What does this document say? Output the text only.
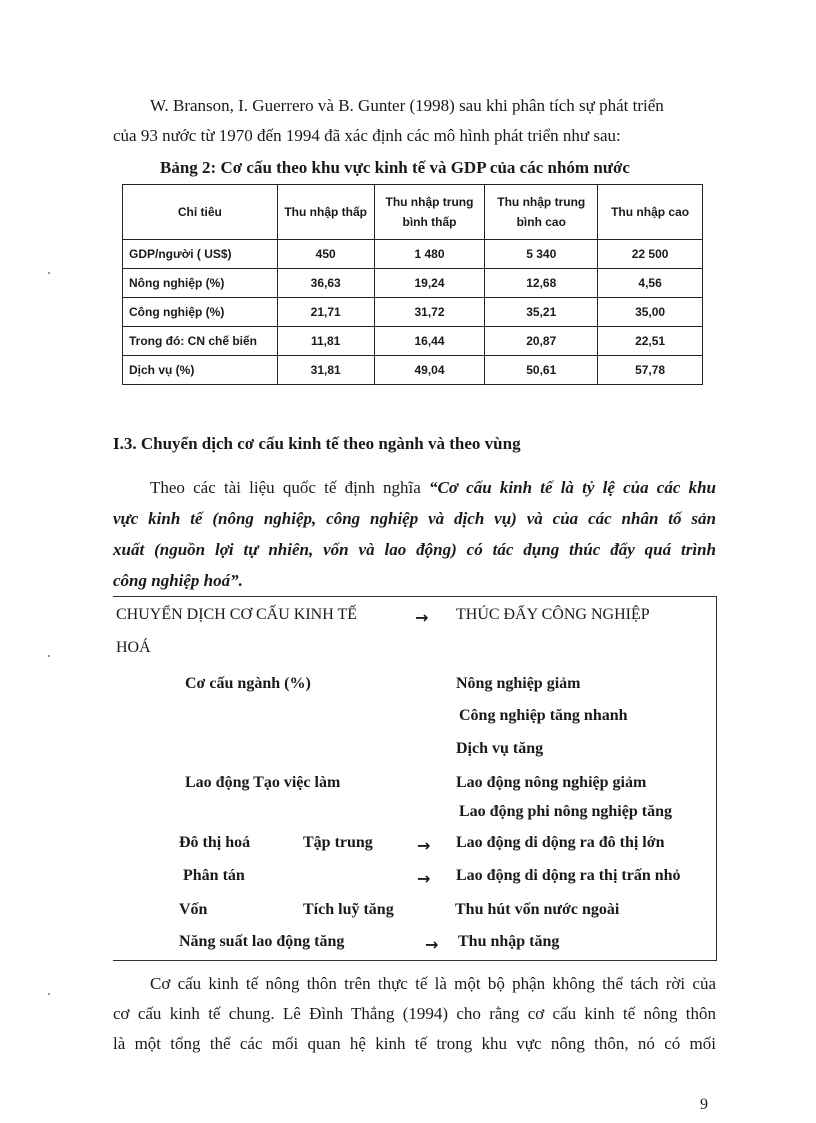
W. Branson, I. Guerrero và B. Gunter (1998) sau khi phân tích sự phát triển
của 93 nước từ 1970 đến 1994 đã xác định các mô hình phát triển như sau:
Bảng 2: Cơ cấu theo khu vực kinh tế và GDP của các nhóm nước
Chỉ tiêu	Thu nhập thấp	Thu nhập trung bình thấp	Thu nhập trung bình cao	Thu nhập cao
GDP/người ( US$)	450	1 480	5 340	22 500
Nông nghiệp (%)	36,63	19,24	12,68	4,56
Công nghiệp (%)	21,71	31,72	35,21	35,00
Trong đó: CN chế biến	11,81	16,44	20,87	22,51
Dịch vụ (%)	31,81	49,04	50,61	57,78
I.3. Chuyển dịch cơ cấu kinh tế theo ngành và theo vùng
Theo các tài liệu quốc tế định nghĩa “Cơ cấu kinh tế là tỷ lệ của các khu
vực kinh tế (nông nghiệp, công nghiệp và dịch vụ) và của các nhân tố sản
xuất (nguồn lợi tự nhiên, vốn và lao động) có tác dụng thúc đẩy quá trình
công nghiệp hoá”.
CHUYỂN DỊCH CƠ CẤU KINH TẾ	→ THÚC ĐẨY CÔNG NGHIỆP
HOÁ
Cơ cấu ngành (%)	Nông nghiệp giảm
Công nghiệp tăng nhanh
Dịch vụ tăng
Lao động Tạo việc làm	Lao động nông nghiệp giảm
Lao động phi nông nghiệp tăng
Đô thị hoá	Tập trung	→ Lao động di dộng ra đô thị lớn
Phân tán	→ Lao động di dộng ra thị trấn nhỏ
Vốn	Tích luỹ tăng	Thu hút vốn nước ngoài
Năng suất lao động tăng	→ Thu nhập tăng
Cơ cấu kinh tế nông thôn trên thực tế là một bộ phận không thể tách rời của
cơ cấu kinh tế chung. Lê Đình Thắng (1994) cho rằng cơ cấu kinh tế nông thôn
là một tổng thể các mối quan hệ kinh tế trong khu vực nông thôn, nó có mối
9
